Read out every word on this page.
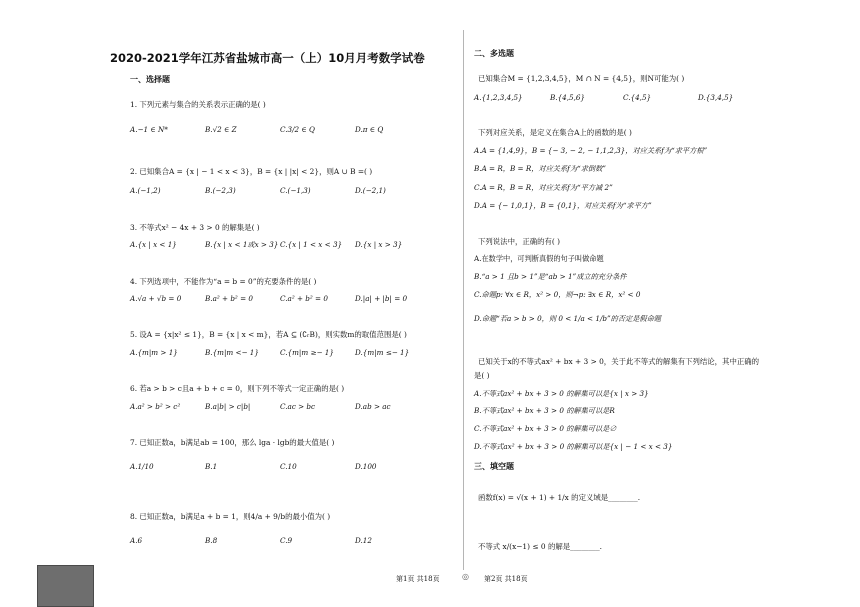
2020-2021学年江苏省盐城市高一（上）10月月考数学试卷
一、选择题
1. 下列元素与集合的关系表示正确的是( )
A.−1 ∈ N*	B.√2 ∈ Z	C.3/2 ∈ Q	D.π ∈ Q
2. 已知集合A = {x | − 1 < x < 3}，B = {x | |x| < 2}，则A ∪ B =( )
A.(−1,2)	B.(−2,3)	C.(−1,3)	D.(−2,1)
3. 不等式x² − 4x + 3 > 0 的解集是( )
A.{x | x < 1}	B.{x | x < 1或x > 3} C.{x | 1 < x < 3} D.{x | x > 3}
4. 下列选项中，不能作为“a = b = 0”的充要条件的是( )
A.√a + √b = 0	B.a² + b² = 0	C.a² + b² = 0	D.|a| + |b| = 0
5. 设A = {x|x² ≤ 1}，B = {x | x < m}，若A ⊆ (∁ᵣB)，则实数m的取值范围是( )
A.{m|m > 1}	B.{m|m <− 1}	C.{m|m ≥− 1}	D.{m|m ≤− 1}
6. 若a > b > c且a + b + c = 0，则下列不等式一定正确的是( )
A.a² > b² > c²	B.a|b| > c|b|	C.ac > bc	D.ab > ac
7. 已知正数a，b满足ab = 100，那么 lga · lgb的最大值是( )
A.1/10	B.1	C.10	D.100
8. 已知正数a，b满足a + b = 1，则4/a + 9/b的最小值为( )
A.6	B.8	C.9	D.12
二、多选题
已知集合M = {1,2,3,4,5}，M ∩ N = {4,5}，则N可能为( )
A.{1,2,3,4,5}	B.{4,5,6}	C.{4,5}	D.{3,4,5}
下列对应关系，是定义在集合A上的函数的是( )
A.A = {1,4,9}，B = {− 3, − 2, − 1,1,2,3}，对应关系f为“求平方根”
B.A = R，B = R，对应关系f为“求倒数”
C.A = R，B = R，对应关系f为“平方减 2”
D.A = {− 1,0,1}，B = {0,1}，对应关系f为“求平方”
下列说法中，正确的有( )
A.在数学中，可判断真假的句子叫做命题
B.“a > 1 且b > 1”是“ab > 1”成立的充分条件
C.命题p: ∀x ∈ R，x² > 0，则¬p: ∃x ∈ R，x² < 0
D.命题“若a > b > 0，则 0 < 1/a < 1/b”的否定是假命题
已知关于x的不等式ax² + bx + 3 > 0，关于此不等式的解集有下列结论，其中正确的
是( )
A.不等式ax² + bx + 3 > 0 的解集可以是{x | x > 3}
B.不等式ax² + bx + 3 > 0 的解集可以是R
C.不等式ax² + bx + 3 > 0 的解集可以是∅
D.不等式ax² + bx + 3 > 0 的解集可以是{x | − 1 < x < 3}
三、填空题
函数f(x) = √(x + 1) + 1/x 的定义域是________.
不等式 x/(x−1) ≤ 0 的解是________.
第1页 共18页	◎ 第2页 共18页
